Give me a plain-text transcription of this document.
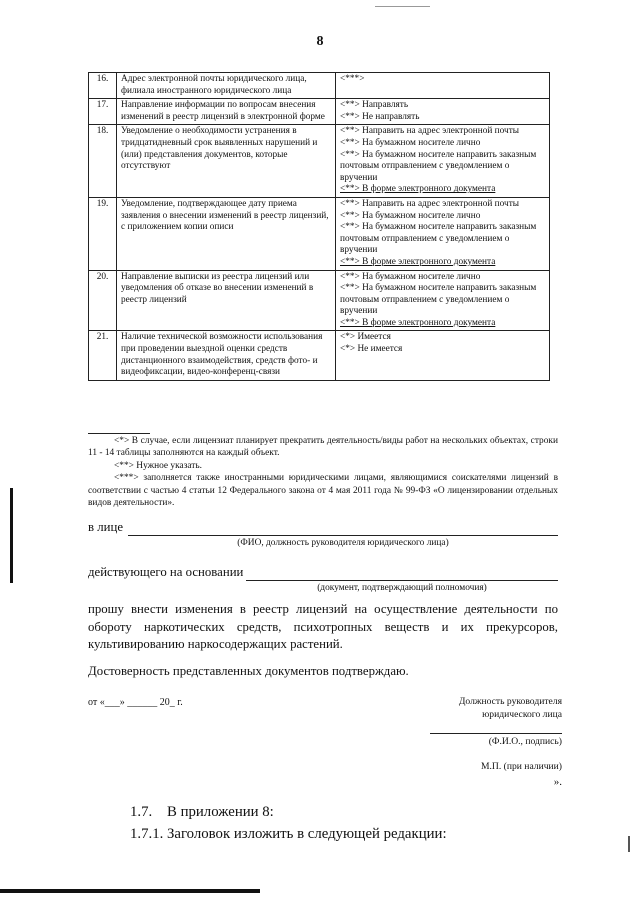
8
16.	Адрес электронной почты юридического лица, филиала иностранного юридического лица	<***>

17.	Направление информации по вопросам внесения изменений в реестр лицензий в электронной форме	<**> Направлять
<**> Не направлять

18.	Уведомление о необходимости устранения в тридцатидневный срок выявленных нарушений и (или) представления документов, которые отсутствуют	<**> Направить на адрес электронной почты
<**> На бумажном носителе лично
<**> На бумажном носителе направить заказным почтовым отправлением с уведомлением о вручении
<**> В форме электронного документа

19.	Уведомление, подтверждающее дату приема заявления о внесении изменений в реестр лицензий, с приложением копии описи	<**> Направить на адрес электронной почты
<**> На бумажном носителе лично
<**> На бумажном носителе направить заказным почтовым отправлением с уведомлением о вручении
<**> В форме электронного документа

20.	Направление выписки из реестра лицензий или уведомления об отказе во внесении изменений в реестр лицензий	<**> На бумажном носителе лично
<**> На бумажном носителе направить заказным почтовым отправлением с уведомлением о вручении
<**> В форме электронного документа

21.	Наличие технической возможности использования при проведении выездной оценки средств дистанционного взаимодействия, средств фото- и видеофиксации, видео-конференц-связи	<*> Имеется
<*> Не имеется

<*> В случае, если лицензиат планирует прекратить деятельность/виды работ на нескольких объектах, строки 11 - 14 таблицы заполняются на каждый объект.

<**> Нужное указать.

<***> заполняется также иностранными юридическими лицами, являющимися соискателями лицензий в соответствии с частью 4 статьи 12 Федерального закона от 4 мая 2011 года № 99-ФЗ «О лицензировании отдельных видов деятельности».

в лице
(ФИО, должность руководителя юридического лица)
действующего на основании
(документ, подтверждающий полномочия)

прошу внести изменения в реестр лицензий на осуществление деятельности по обороту наркотических средств, психотропных веществ и их прекурсоров, культивированию наркосодержащих растений.

Достоверность представленных документов подтверждаю.
от «___» ______ 20_ г.	Должность руководителя
юридического лица
(Ф.И.О., подпись)
М.П. (при наличии)
».
1.7. В приложении 8:
1.7.1. Заголовок изложить в следующей редакции:
